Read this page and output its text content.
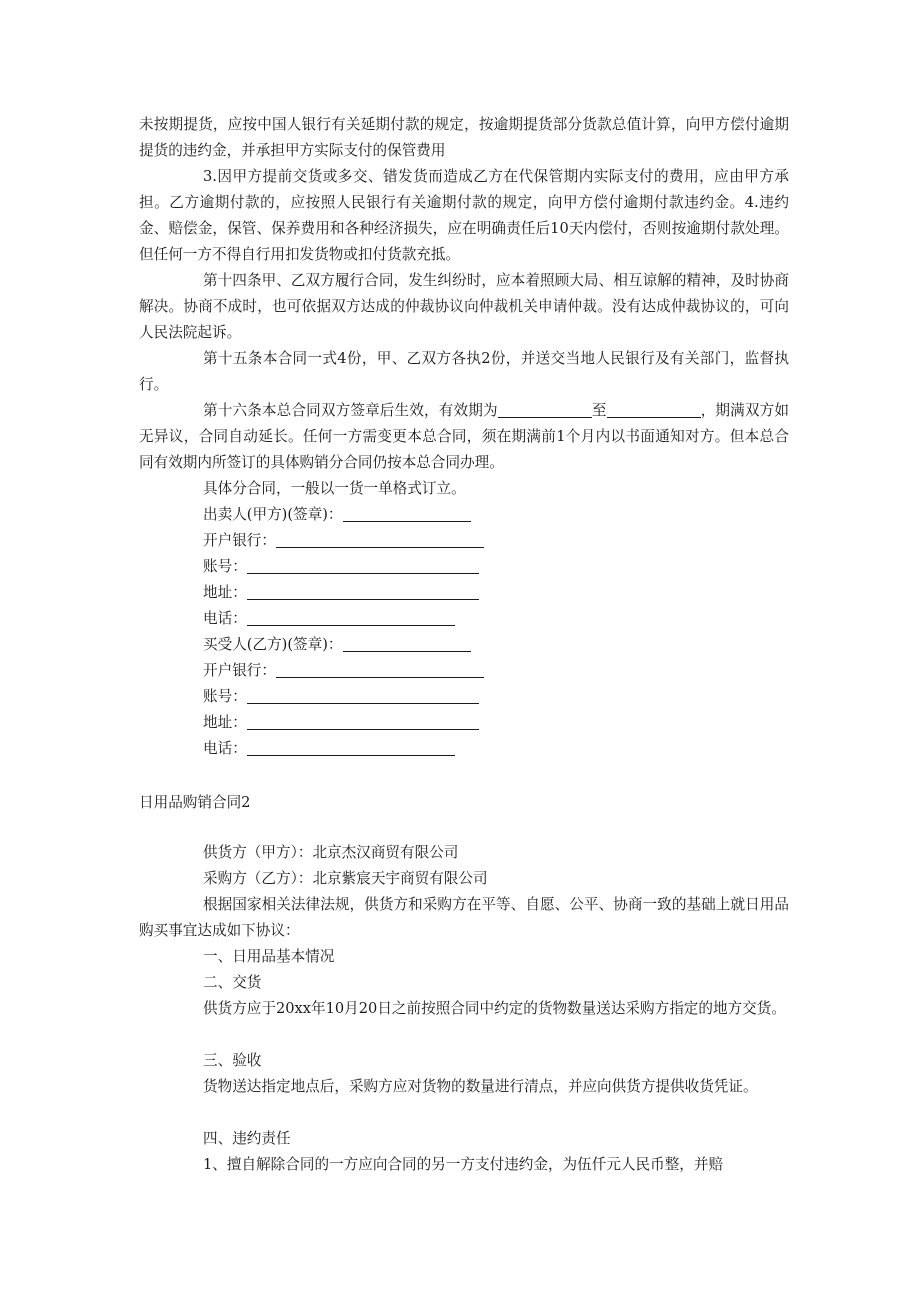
未按期提货，应按中国人银行有关延期付款的规定，按逾期提货部分货款总值计算，向甲方偿付逾期提货的违约金，并承担甲方实际支付的保管费用

3.因甲方提前交货或多交、错发货而造成乙方在代保管期内实际支付的费用，应由甲方承担。乙方逾期付款的，应按照人民银行有关逾期付款的规定，向甲方偿付逾期付款违约金。4.违约金、赔偿金，保管、保养费用和各种经济损失，应在明确责任后10天内偿付，否则按逾期付款处理。但任何一方不得自行用扣发货物或扣付货款充抵。

第十四条甲、乙双方履行合同，发生纠纷时，应本着照顾大局、相互谅解的精神，及时协商解决。协商不成时，也可依据双方达成的仲裁协议向仲裁机关申请仲裁。没有达成仲裁协议的，可向人民法院起诉。

第十五条本合同一式4份，甲、乙双方各执2份，并送交当地人民银行及有关部门，监督执行。

第十六条本总合同双方签章后生效，有效期为	至	，期满双方如无异议，合同自动延长。任何一方需变更本总合同，须在期满前1个月内以书面通知对方。但本总合同有效期内所签订的具体购销分合同仍按本总合同办理。

具体分合同，一般以一货一单格式订立。

出卖人(甲方)(签章)：

开户银行：

账号：

地址：

电话：

买受人(乙方)(签章)：

开户银行：

账号：

地址：

电话：

日用品购销合同2

供货方（甲方）：北京杰汉商贸有限公司

采购方（乙方）：北京紫宸天宇商贸有限公司

根据国家相关法律法规，供货方和采购方在平等、自愿、公平、协商一致的基础上就日用品购买事宜达成如下协议：

一、日用品基本情况

二、交货

供货方应于20xx年10月20日之前按照合同中约定的货物数量送达采购方指定的地方交货。

三、验收

货物送达指定地点后，采购方应对货物的数量进行清点，并应向供货方提供收货凭证。

四、违约责任

1、擅自解除合同的一方应向合同的另一方支付违约金，为伍仟元人民币整，并赔
